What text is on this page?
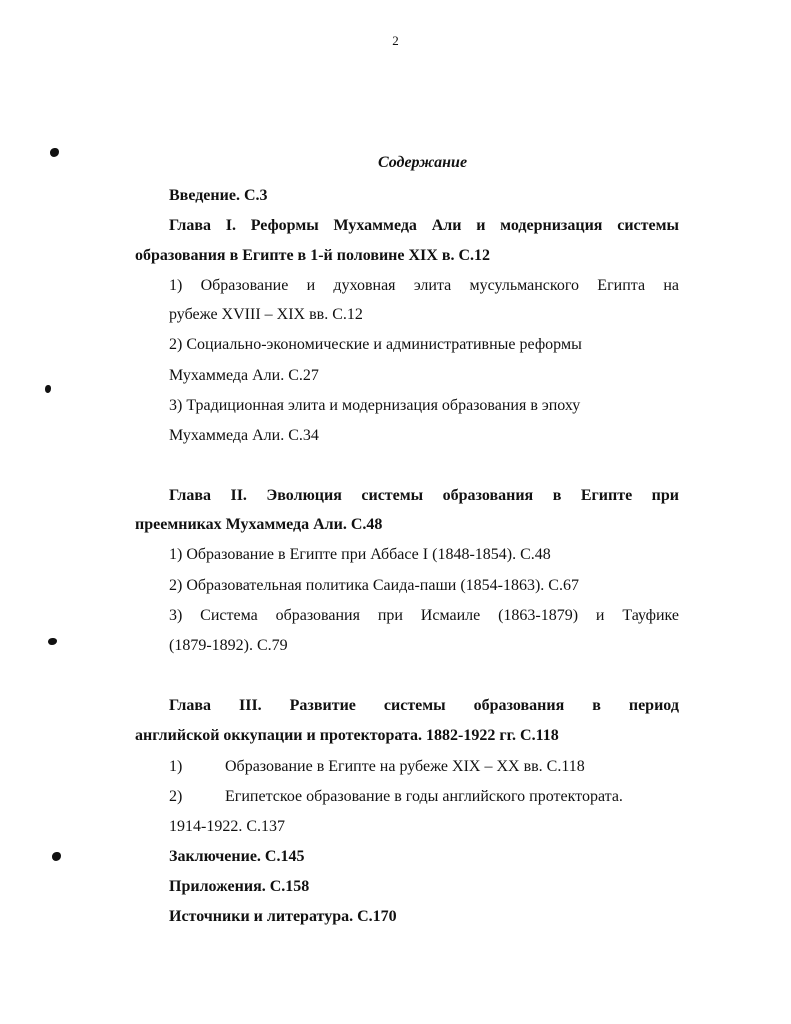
2
Содержание
Введение. С.3
Глава I. Реформы Мухаммеда Али и модернизация системы
образования в Египте в 1-й половине XIX в. С.12
1) Образование и духовная элита мусульманского Египта на
рубеже XVIII – XIX вв. С.12
2) Социально-экономические и административные реформы
Мухаммеда Али. С.27
3) Традиционная элита и модернизация образования в эпоху
Мухаммеда Али. С.34
Глава II. Эволюция системы образования в Египте при
преемниках Мухаммеда Али. С.48
1) Образование в Египте при Аббасе I (1848-1854). С.48
2) Образовательная политика Саида-паши (1854-1863). С.67
3) Система образования при Исмаиле (1863-1879) и Тауфике
(1879-1892). С.79
Глава III. Развитие системы образования в период
английской оккупации и протектората. 1882-1922 гг. С.118
1)	Образование в Египте на рубеже XIX – XX вв. С.118
2)	Египетское образование в годы английского протектората.
1914-1922. С.137
Заключение. С.145
Приложения. С.158
Источники и литература. С.170
